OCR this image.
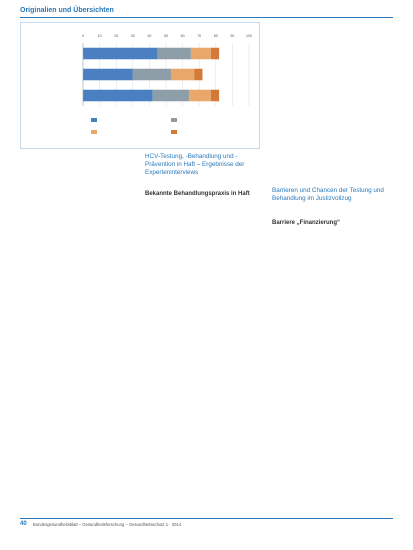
Originalien und Übersichten
0	10	20	30	40	50	60	70	80	90	100

HCV-Testung, -Behandlung und -Prävention in Haft – Ergebnisse der Experteninterviews
Bekannte Behandlungspraxis in Haft	Barrieren und Chancen der Testung und Behandlung im Justizvollzug
Barriere „Finanzierung“

40 Bundesgesundheitsblatt – Gesundheitsforschung – Gesundheitsschutz 1 · 2014
